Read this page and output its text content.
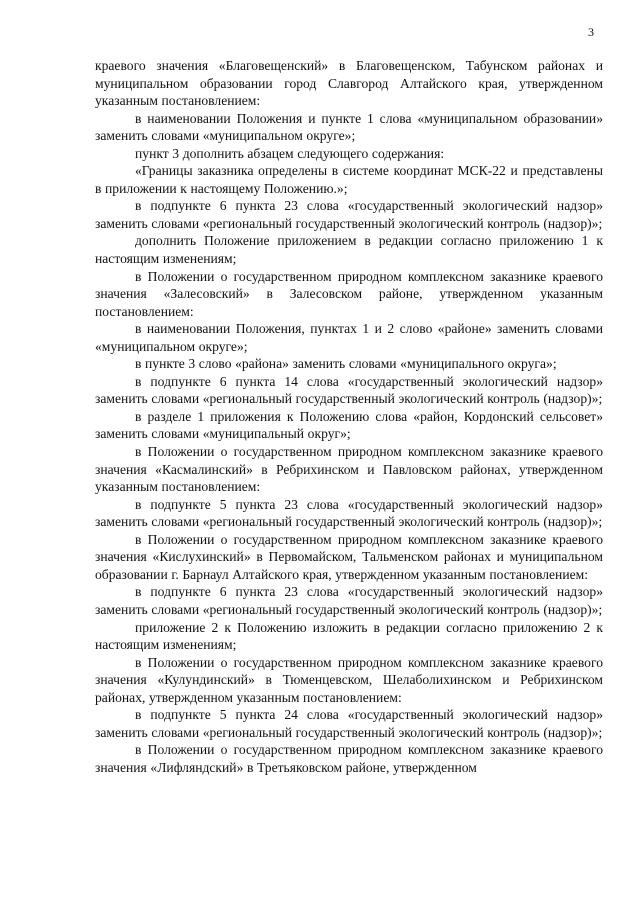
3

краевого значения «Благовещенский» в Благовещенском, Табунском районах и муниципальном образовании город Славгород Алтайского края, утвержденном указанным постановлением:

в наименовании Положения и пункте 1 слова «муниципальном образовании» заменить словами «муниципальном округе»;

пункт 3 дополнить абзацем следующего содержания:

«Границы заказника определены в системе координат МСК-22 и представлены в приложении к настоящему Положению.»;

в подпункте 6 пункта 23 слова «государственный экологический надзор» заменить словами «региональный государственный экологический контроль (надзор)»;

дополнить Положение приложением в редакции согласно приложению 1 к настоящим изменениям;

в Положении о государственном природном комплексном заказнике краевого значения «Залесовский» в Залесовском районе, утвержденном указанным постановлением:

в наименовании Положения, пунктах 1 и 2 слово «районе» заменить словами «муниципальном округе»;

в пункте 3 слово «района» заменить словами «муниципального округа»;

в подпункте 6 пункта 14 слова «государственный экологический надзор» заменить словами «региональный государственный экологический контроль (надзор)»;

в разделе 1 приложения к Положению слова «район, Кордонский сельсовет» заменить словами «муниципальный округ»;

в Положении о государственном природном комплексном заказнике краевого значения «Касмалинский» в Ребрихинском и Павловском районах, утвержденном указанным постановлением:

в подпункте 5 пункта 23 слова «государственный экологический надзор» заменить словами «региональный государственный экологический контроль (надзор)»;

в Положении о государственном природном комплексном заказнике краевого значения «Кислухинский» в Первомайском, Тальменском районах и муниципальном образовании г. Барнаул Алтайского края, утвержденном указанным постановлением:

в подпункте 6 пункта 23 слова «государственный экологический надзор» заменить словами «региональный государственный экологический контроль (надзор)»;

приложение 2 к Положению изложить в редакции согласно приложению 2 к настоящим изменениям;

в Положении о государственном природном комплексном заказнике краевого значения «Кулундинский» в Тюменцевском, Шелаболихинском и Ребрихинском районах, утвержденном указанным постановлением:

в подпункте 5 пункта 24 слова «государственный экологический надзор» заменить словами «региональный государственный экологический контроль (надзор)»;

в Положении о государственном природном комплексном заказнике краевого значения «Лифляндский» в Третьяковском районе, утвержденном
